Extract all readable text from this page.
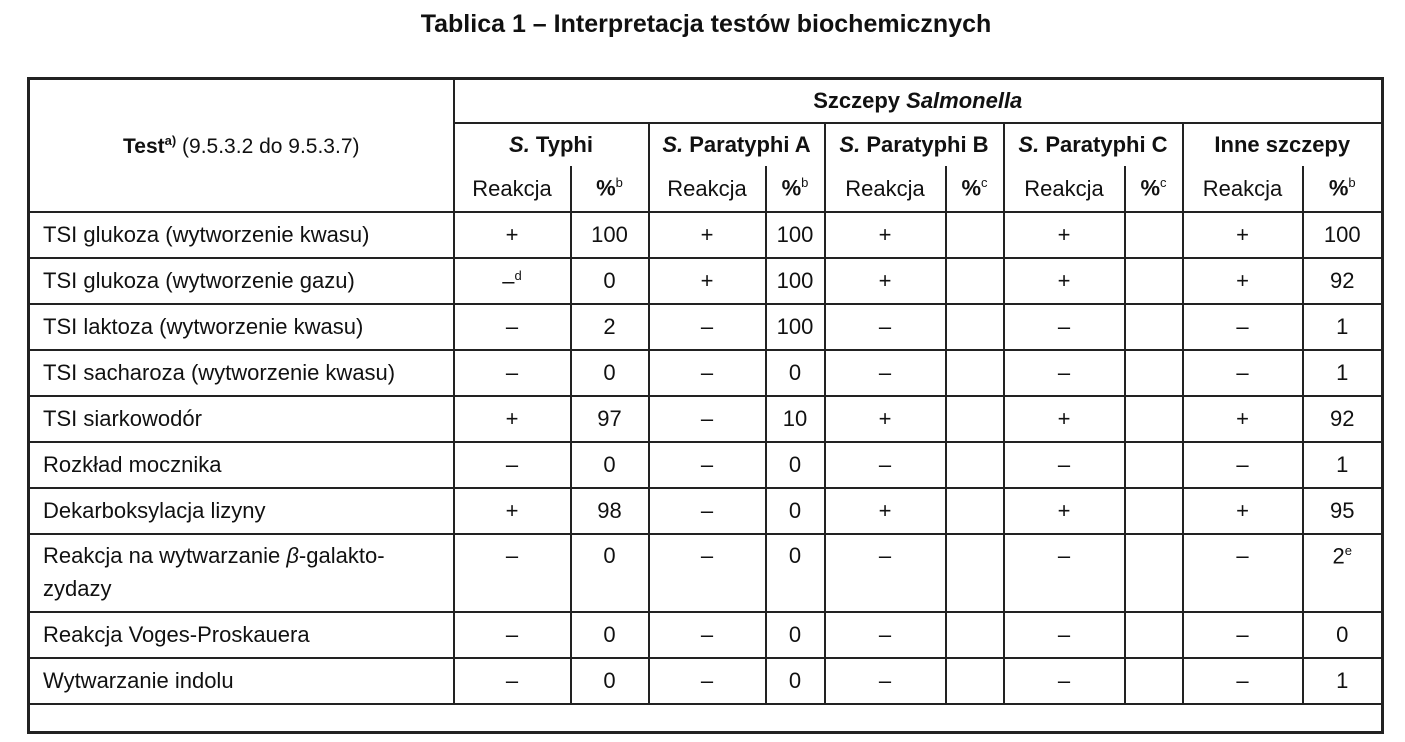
Tablica 1 – Interpretacja testów biochemicznych
Test$^{a)}$ (9.5.3.2 do 9.5.3.7)	Szczepy Salmonella									
	S. Typhi		S. Paratyphi A		S. Paratyphi B		S. Paratyphi C		Inne szczepy	
	Reakcja	%$^b$	Reakcja	%$^b$	Reakcja	%$^c$	Reakcja	%$^c$	Reakcja	%$^b$
TSI glukoza (wytworzenie kwasu)	+	100	+	100	+		+		+	100
TSI glukoza (wytworzenie gazu)	–$^d$	0	+	100	+		+		+	92
TSI laktoza (wytworzenie kwasu)	–	2	–	100	–		–		–	1
TSI sacharoza (wytworzenie kwasu)	–	0	–	0	–		–		–	1
TSI siarkowodór	+	97	–	10	+		+		+	92
Rozkład mocznika	–	0	–	0	–		–		–	1
Dekarboksylacja lizyny	+	98	–	0	+		+		+	95
Reakcja na wytwarzanie β-galakto-
zydazy	–	0	–	0	–		–		–	2e
Reakcja Voges-Proskauera	–	0	–	0	–		–		–	0
Wytwarzanie indolu	–	0	–	0	–		–		–	1
